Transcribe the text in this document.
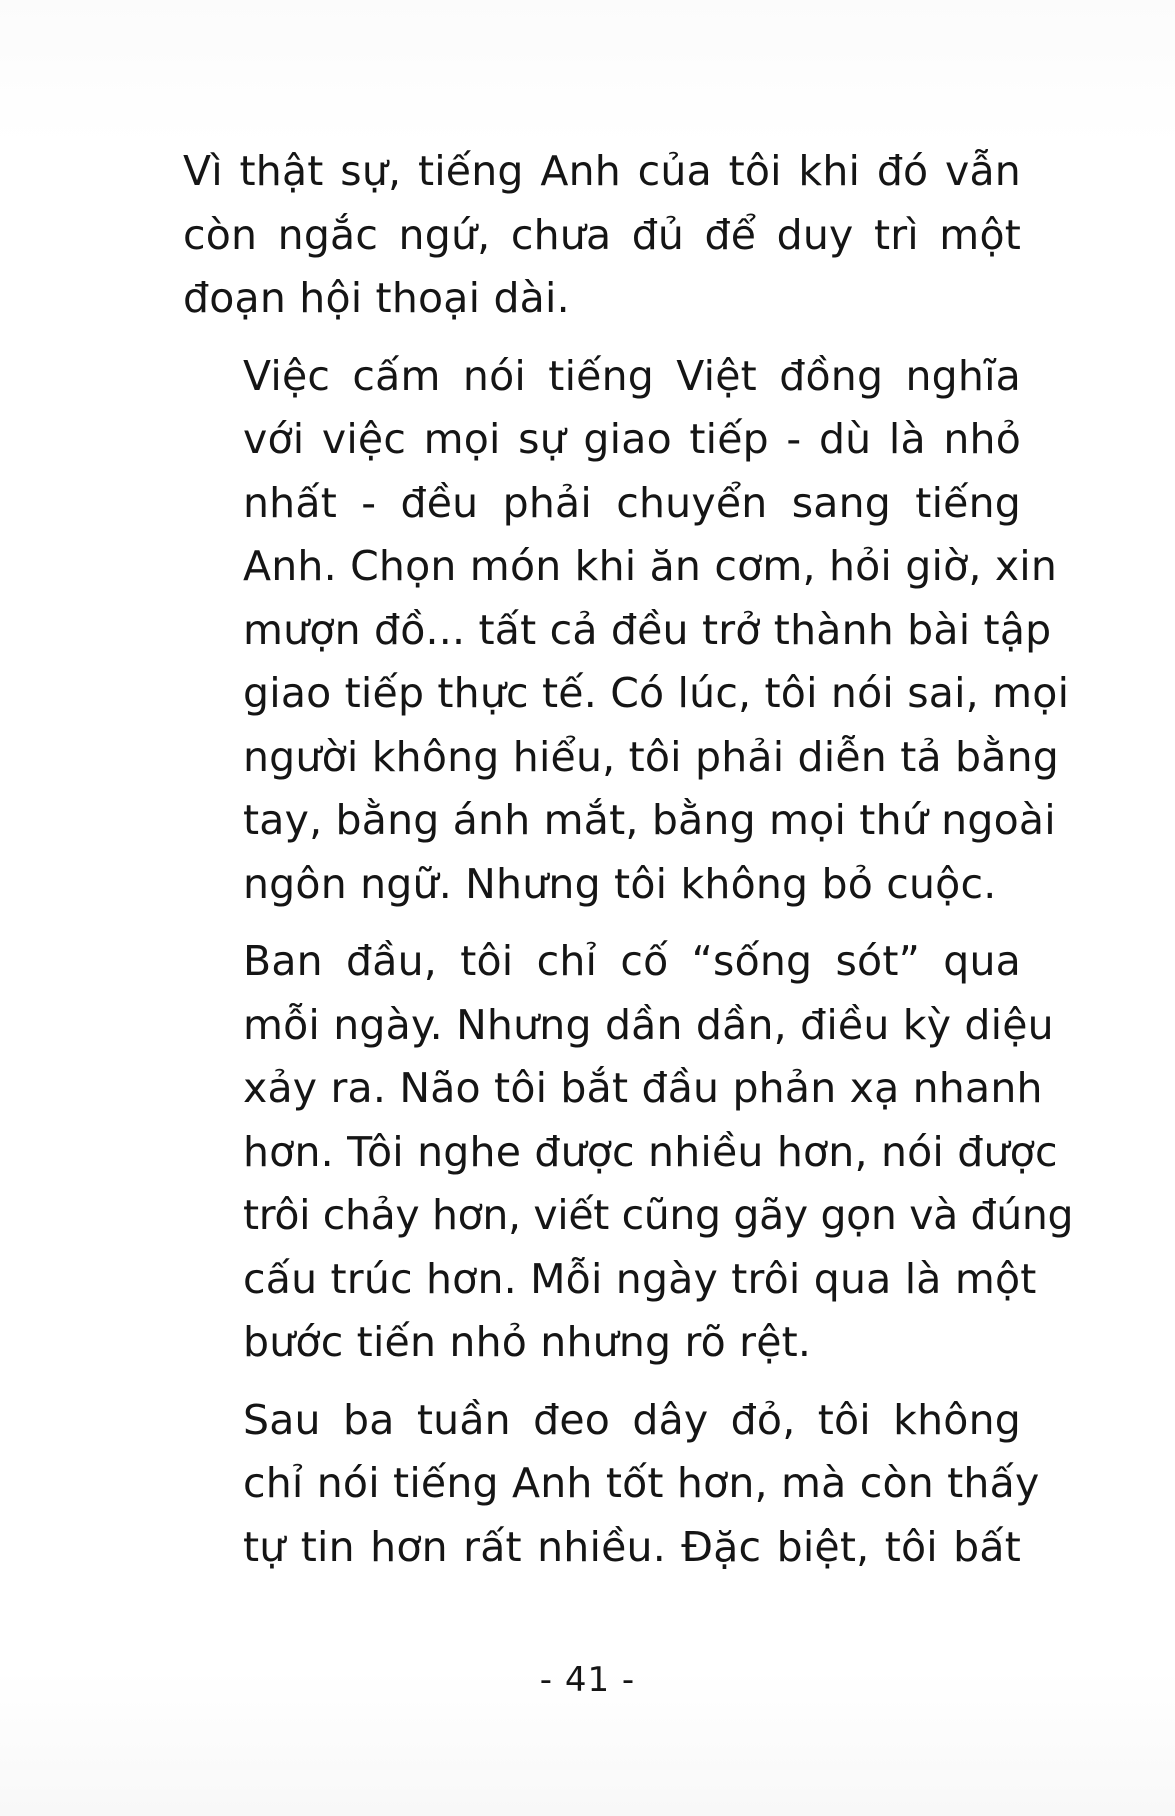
Vì thật sự, tiếng Anh của tôi khi đó vẫn
còn ngắc ngứ, chưa đủ để duy trì một
đoạn hội thoại dài.

Việc cấm nói tiếng Việt đồng nghĩa
với việc mọi sự giao tiếp - dù là nhỏ
nhất - đều phải chuyển sang tiếng
Anh. Chọn món khi ăn cơm, hỏi giờ, xin
mượn đồ... tất cả đều trở thành bài tập
giao tiếp thực tế. Có lúc, tôi nói sai, mọi
người không hiểu, tôi phải diễn tả bằng
tay, bằng ánh mắt, bằng mọi thứ ngoài
ngôn ngữ. Nhưng tôi không bỏ cuộc.

Ban đầu, tôi chỉ cố “sống sót” qua
mỗi ngày. Nhưng dần dần, điều kỳ diệu
xảy ra. Não tôi bắt đầu phản xạ nhanh
hơn. Tôi nghe được nhiều hơn, nói được
trôi chảy hơn, viết cũng gãy gọn và đúng
cấu trúc hơn. Mỗi ngày trôi qua là một
bước tiến nhỏ nhưng rõ rệt.

Sau ba tuần đeo dây đỏ, tôi không
chỉ nói tiếng Anh tốt hơn, mà còn thấy
tự tin hơn rất nhiều. Đặc biệt, tôi bất

- 41 -
